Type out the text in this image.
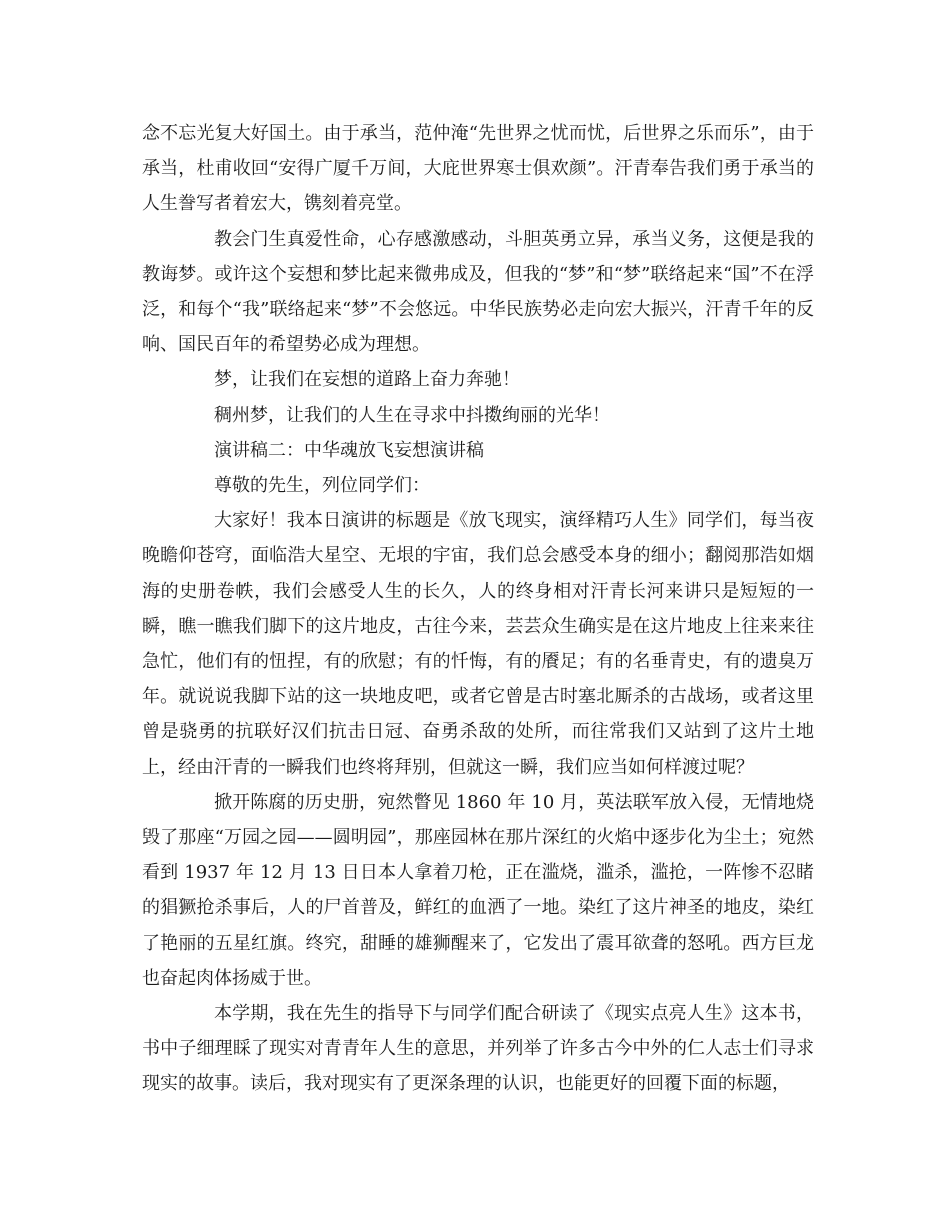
念不忘光复大好国土。由于承当，范仲淹“先世界之忧而忧，后世界之乐而乐”，由于承当，杜甫收回“安得广厦千万间，大庇世界寒士俱欢颜”。汗青奉告我们勇于承当的人生誊写者着宏大，镌刻着亮堂。

教会门生真爱性命，心存感激感动，斗胆英勇立异，承当义务，这便是我的教诲梦。或许这个妄想和梦比起来微弗成及，但我的“梦”和“梦”联络起来“国”不在浮泛，和每个“我”联络起来“梦”不会悠远。中华民族势必走向宏大振兴，汗青千年的反响、国民百年的希望势必成为理想。

梦，让我们在妄想的道路上奋力奔驰！

稠州梦，让我们的人生在寻求中抖擞绚丽的光华！

演讲稿二：中华魂放飞妄想演讲稿

尊敬的先生，列位同学们：

大家好！我本日演讲的标题是《放飞现实，演绎精巧人生》同学们，每当夜晚瞻仰苍穹，面临浩大星空、无垠的宇宙，我们总会感受本身的细小；翻阅那浩如烟海的史册卷帙，我们会感受人生的长久，人的终身相对汗青长河来讲只是短短的一瞬，瞧一瞧我们脚下的这片地皮，古往今来，芸芸众生确实是在这片地皮上往来来往急忙，他们有的忸捏，有的欣慰；有的忏悔，有的餍足；有的名垂青史，有的遗臭万年。就说说我脚下站的这一块地皮吧，或者它曾是古时塞北厮杀的古战场，或者这里曾是骁勇的抗联好汉们抗击日冠、奋勇杀敌的处所，而往常我们又站到了这片土地上，经由汗青的一瞬我们也终将拜别，但就这一瞬，我们应当如何样渡过呢？

掀开陈腐的历史册，宛然瞥见 1860 年 10 月，英法联军放入侵，无情地烧毁了那座“万园之园——圆明园”，那座园林在那片深红的火焰中逐步化为尘土；宛然看到 1937 年 12 月 13 日日本人拿着刀枪，正在滥烧，滥杀，滥抢，一阵惨不忍睹的猖獗抢杀事后，人的尸首普及，鲜红的血洒了一地。染红了这片神圣的地皮，染红了艳丽的五星红旗。终究，甜睡的雄狮醒来了，它发出了震耳欲聋的怒吼。西方巨龙也奋起肉体扬威于世。

本学期，我在先生的指导下与同学们配合研读了《现实点亮人生》这本书，书中子细理睬了现实对青青年人生的意思，并列举了许多古今中外的仁人志士们寻求现实的故事。读后，我对现实有了更深条理的认识，也能更好的回覆下面的标题，
